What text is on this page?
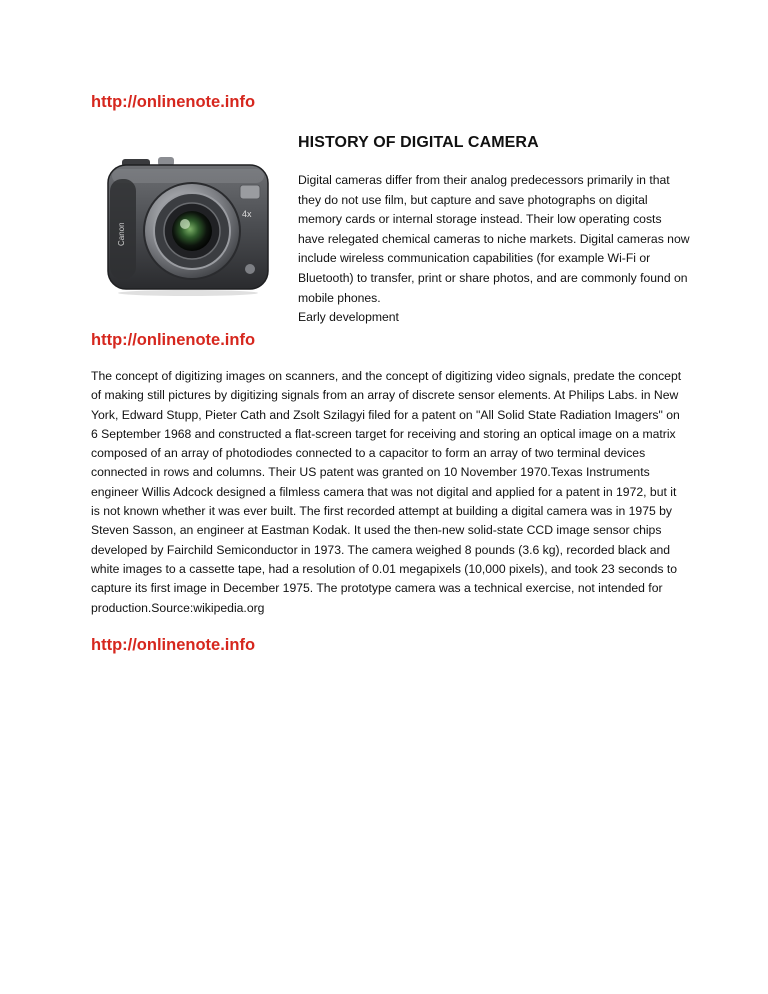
http://onlinenote.info
HISTORY OF DIGITAL CAMERA
Canon
4x

Digital cameras differ from their analog predecessors primarily in that they do not use film, but capture and save photographs on digital memory cards or internal storage instead. Their low operating costs have relegated chemical cameras to niche markets. Digital cameras now include wireless communication capabilities (for example Wi-Fi or Bluetooth) to transfer, print or share photos, and are commonly found on mobile phones.

Early development

http://onlinenote.info

The concept of digitizing images on scanners, and the concept of digitizing video signals, predate the concept of making still pictures by digitizing signals from an array of discrete sensor elements. At Philips Labs. in New York, Edward Stupp, Pieter Cath and Zsolt Szilagyi filed for a patent on "All Solid State Radiation Imagers" on 6 September 1968 and constructed a flat-screen target for receiving and storing an optical image on a matrix composed of an array of photodiodes connected to a capacitor to form an array of two terminal devices connected in rows and columns. Their US patent was granted on 10 November 1970.Texas Instruments engineer Willis Adcock designed a filmless camera that was not digital and applied for a patent in 1972, but it is not known whether it was ever built. The first recorded attempt at building a digital camera was in 1975 by Steven Sasson, an engineer at Eastman Kodak. It used the then-new solid-state CCD image sensor chips developed by Fairchild Semiconductor in 1973. The camera weighed 8 pounds (3.6 kg), recorded black and white images to a cassette tape, had a resolution of 0.01 megapixels (10,000 pixels), and took 23 seconds to capture its first image in December 1975. The prototype camera was a technical exercise, not intended for production.Source:wikipedia.org

http://onlinenote.info
